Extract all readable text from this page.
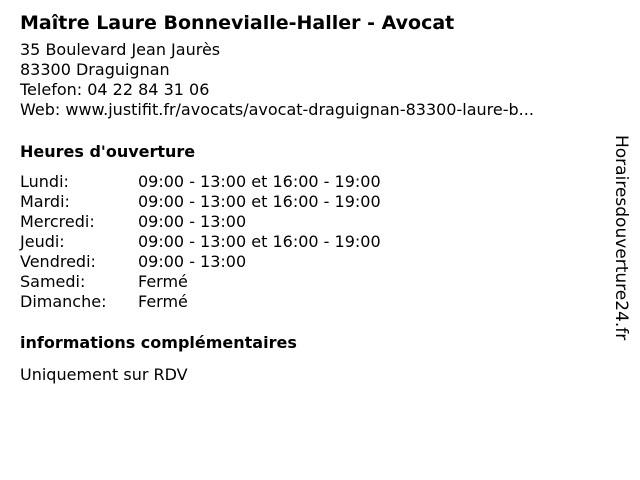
Maître Laure Bonnevialle-Haller - Avocat
35 Boulevard Jean Jaurès
83300 Draguignan
Telefon: 04 22 84 31 06
Web: www.justifit.fr/avocats/avocat-draguignan-83300-laure-b...
Heures d'ouverture
Lundi:	09:00 - 13:00 et 16:00 - 19:00
Mardi:	09:00 - 13:00 et 16:00 - 19:00
Mercredi:	09:00 - 13:00
Jeudi:	09:00 - 13:00 et 16:00 - 19:00
Vendredi:	09:00 - 13:00
Samedi:	Fermé
Dimanche:	Fermé
informations complémentaires
Uniquement sur RDV
Horairesdouverture24.fr
